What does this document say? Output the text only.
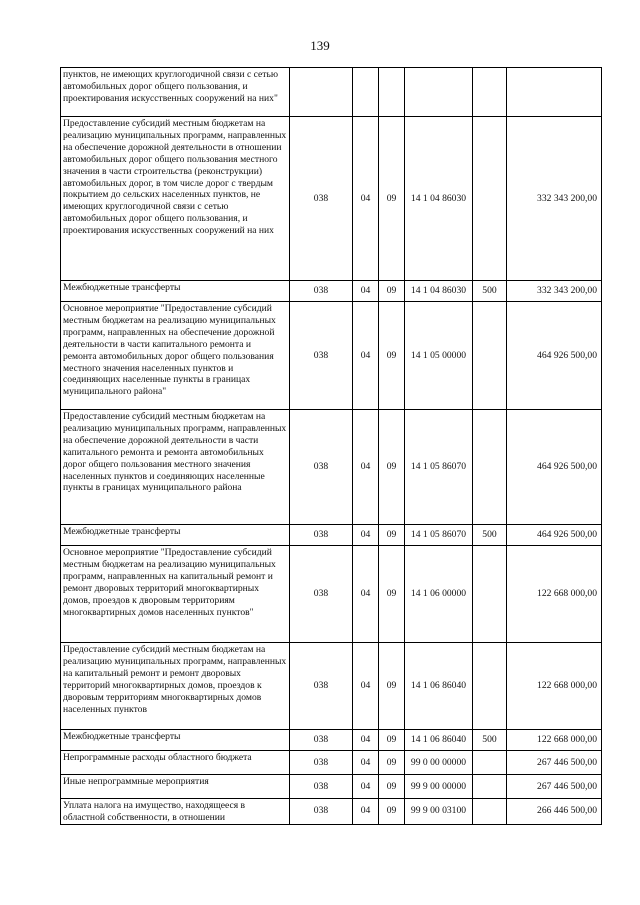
139
пунктов, не имеющих круглогодичной связи с сетью автомобильных дорог общего пользования, и проектирования искусственных сооружений на них"						
Предоставление субсидий местным бюджетам на реализацию муниципальных программ, направленных на обеспечение дорожной деятельности в отношении автомобильных дорог общего пользования местного значения в части строительства (реконструкции) автомобильных дорог, в том числе дорог с твердым покрытием до сельских населенных пунктов, не имеющих круглогодичной связи с сетью автомобильных дорог общего пользования, и проектирования искусственных сооружений на них	038	04	09	14 1 04 86030		332 343 200,00
Межбюджетные трансферты	038	04	09	14 1 04 86030	500	332 343 200,00
Основное мероприятие "Предоставление субсидий местным бюджетам на реализацию муниципальных программ, направленных на обеспечение дорожной деятельности в части капитального ремонта и ремонта автомобильных дорог общего пользования местного значения населенных пунктов и соединяющих населенные пункты в границах муниципального района"	038	04	09	14 1 05 00000		464 926 500,00
Предоставление субсидий местным бюджетам на реализацию муниципальных программ, направленных на обеспечение дорожной деятельности в части капитального ремонта и ремонта автомобильных дорог общего пользования местного значения населенных пунктов и соединяющих населенные пункты в границах муниципального района	038	04	09	14 1 05 86070		464 926 500,00
Межбюджетные трансферты	038	04	09	14 1 05 86070	500	464 926 500,00
Основное мероприятие "Предоставление субсидий местным бюджетам на реализацию муниципальных программ, направленных на капитальный ремонт и ремонт дворовых территорий многоквартирных домов, проездов к дворовым территориям многоквартирных домов населенных пунктов"	038	04	09	14 1 06 00000		122 668 000,00
Предоставление субсидий местным бюджетам на реализацию муниципальных программ, направленных на капитальный ремонт и ремонт дворовых территорий многоквартирных домов, проездов к дворовым территориям многоквартирных домов населенных пунктов	038	04	09	14 1 06 86040		122 668 000,00
Межбюджетные трансферты	038	04	09	14 1 06 86040	500	122 668 000,00
Непрограммные расходы областного бюджета	038	04	09	99 0 00 00000		267 446 500,00
Иные непрограммные мероприятия	038	04	09	99 9 00 00000		267 446 500,00
Уплата налога на имущество, находящееся в областной собственности, в отношении	038	04	09	99 9 00 03100		266 446 500,00
